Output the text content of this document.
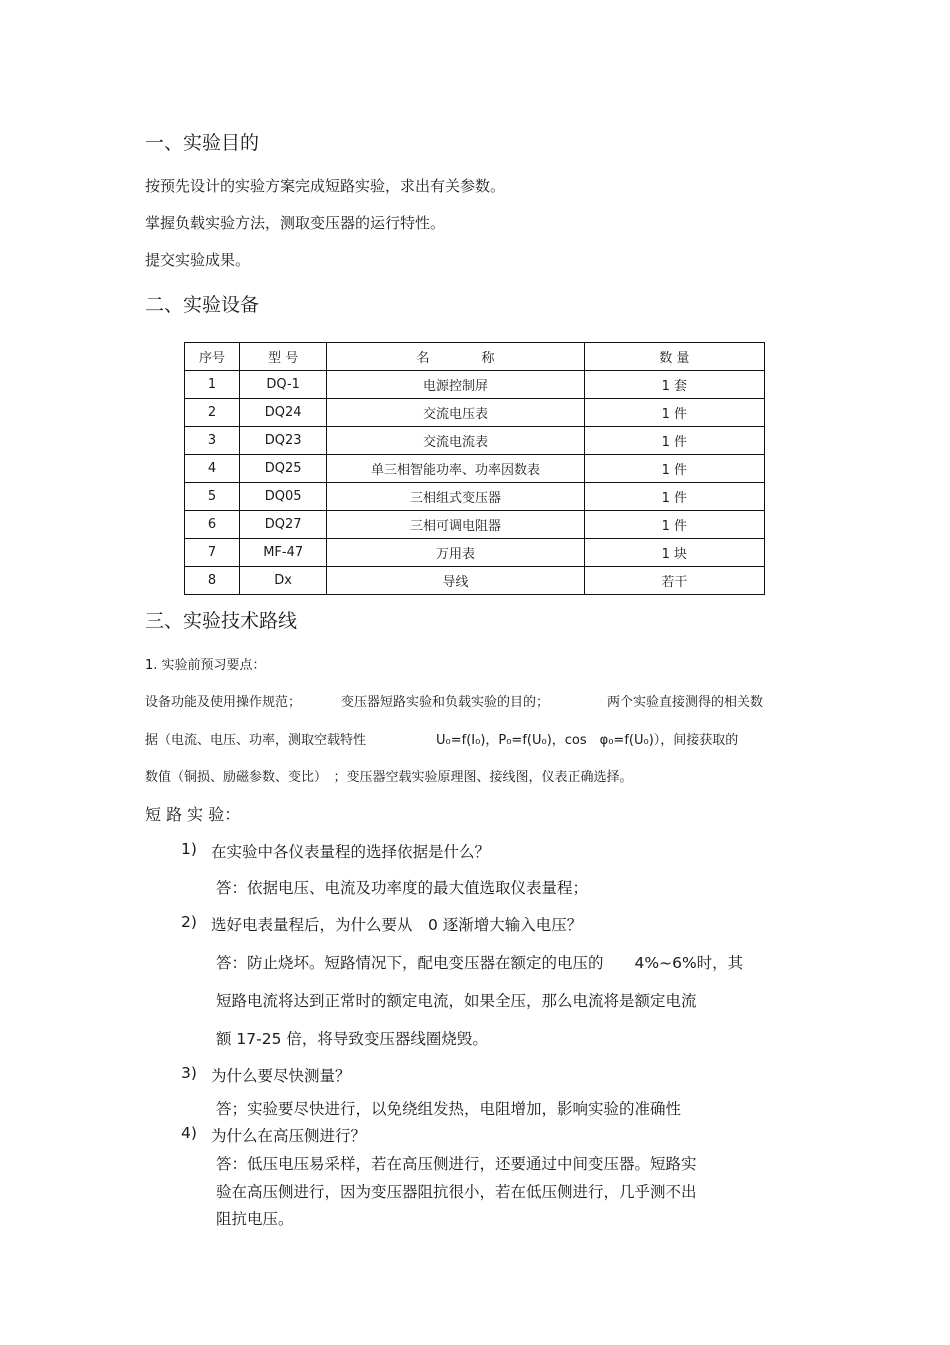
一、实验目的
按预先设计的实验方案完成短路实验，求出有关参数。
掌握负载实验方法，测取变压器的运行特性。
提交实验成果。
二、实验设备
序号	型 号	名　　　　称	数 量
1	DQ-1	电源控制屏	1 套
2	DQ24	交流电压表	1 件
3	DQ23	交流电流表	1 件
4	DQ25	单三相智能功率、功率因数表	1 件
5	DQ05	三相组式变压器	1 件
6	DQ27	三相可调电阻器	1 件
7	MF-47	万用表	1 块
8	Dx	导线	若干
三、实验技术路线
1. 实验前预习要点：
设备功能及使用操作规范；	变压器短路实验和负载实验的目的；	两个实验直接测得的相关数
据（电流、电压、功率，测取空载特性	U₀=f(I₀)，P₀=f(U₀)，cos　φ₀=f(U₀)），间接获取的
数值（铜损、励磁参数、变比）　；变压器空载实验原理图、接线图，仪表正确选择。
短 路 实 验：
1) 在实验中各仪表量程的选择依据是什么？
答：依据电压、电流及功率度的最大值选取仪表量程；
2) 选好电表量程后，为什么要从　0 逐渐增大输入电压？
答：防止烧坏。短路情况下，配电变压器在额定的电压的　　4%~6%时，其
短路电流将达到正常时的额定电流，如果全压，那么电流将是额定电流
额 17-25 倍，将导致变压器线圈烧毁。
3) 为什么要尽快测量？
答；实验要尽快进行，以免绕组发热，电阻增加，影响实验的准确性
4) 为什么在高压侧进行？
答：低压电压易采样，若在高压侧进行，还要通过中间变压器。短路实
验在高压侧进行，因为变压器阻抗很小，若在低压侧进行，几乎测不出
阻抗电压。
